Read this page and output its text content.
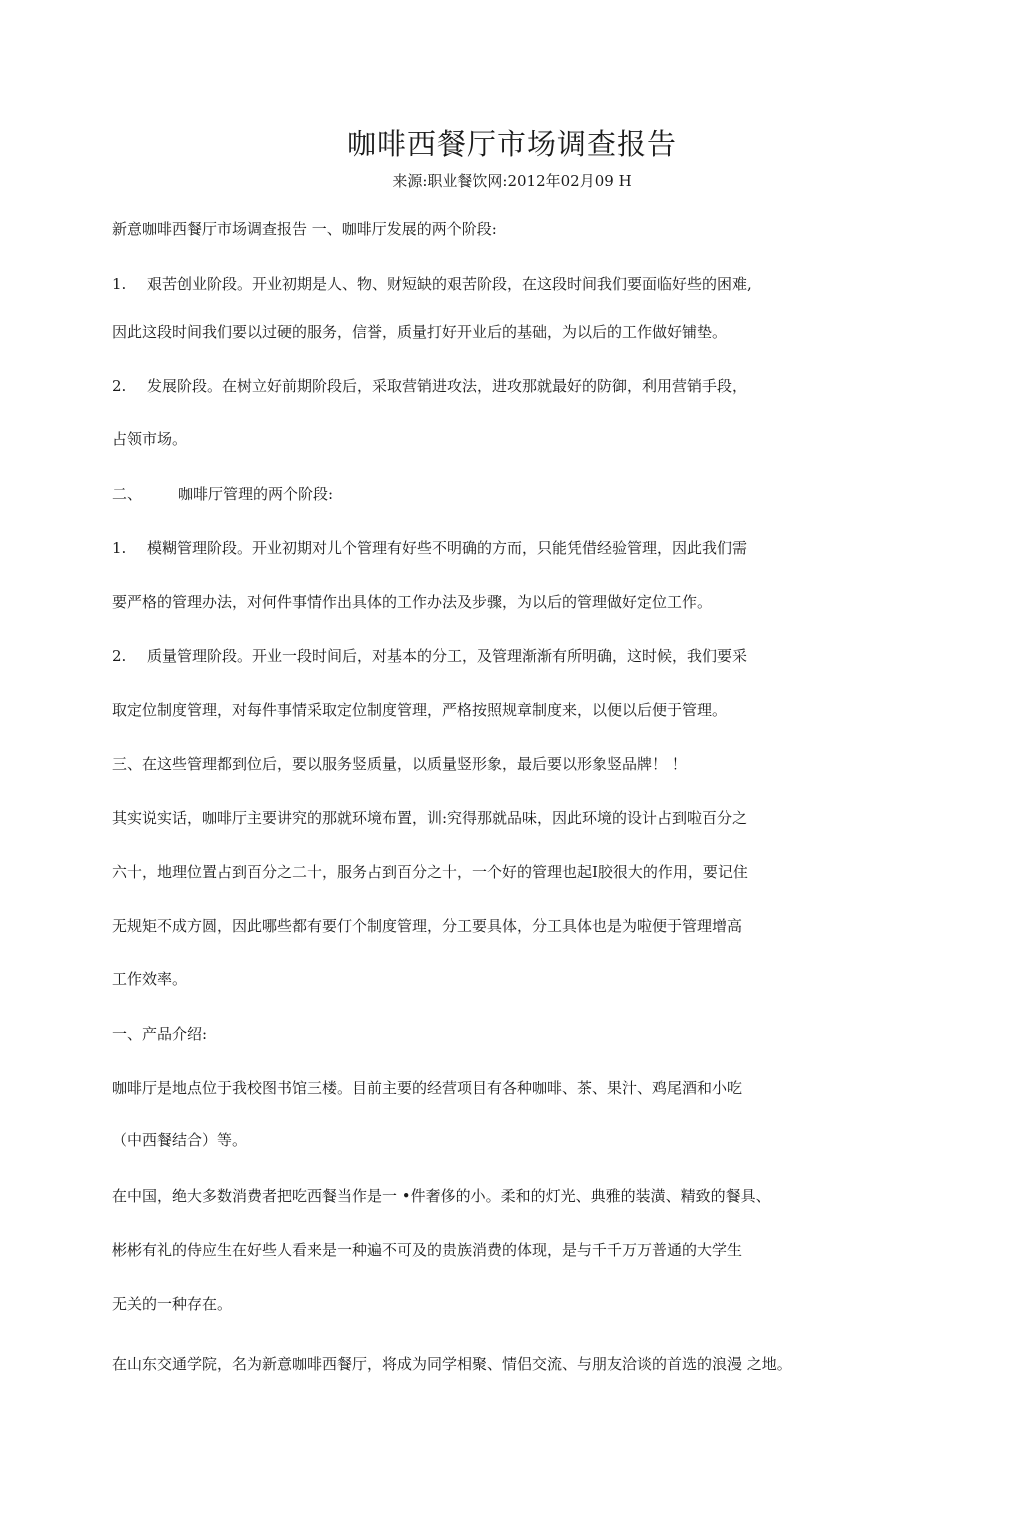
咖啡西餐厅市场调查报告
来源:职业餐饮网:2012年02月09 H
新意咖啡西餐厅市场调查报告 一、咖啡厅发展的两个阶段:
1. 艰苦创业阶段。开业初期是人、物、财短缺的艰苦阶段，在这段时间我们要面临好些的困难,
因此这段时间我们要以过硬的服务，信誉，质量打好开业后的基础，为以后的工作做好铺垫。
2. 发展阶段。在树立好前期阶段后，采取营销进攻法，进攻那就最好的防御，利用营销手段，
占领市场。
二、 咖啡厅管理的两个阶段:
1. 模糊管理阶段。开业初期对儿个管理有好些不明确的方而，只能凭借经验管理，因此我们需
要严格的管理办法，对何件事情作出具体的工作办法及步骤，为以后的管理做好定位工作。
2. 质量管理阶段。开业一段时间后，对基本的分工，及管理渐渐有所明确，这时候，我们要采
取定位制度管理，对每件事情采取定位制度管理，严格按照规章制度来，以便以后便于管理。
三、在这些管理都到位后，要以服务竖质量，以质量竖形象，最后要以形象竖品牌！ ！
其实说实话，咖啡厅主要讲究的那就环境布置，训:究得那就品味，因此环境的设计占到啦百分之
六十，地理位置占到百分之二十，服务占到百分之十，一个好的管理也起I胶很大的作用，要记住
无规矩不成方圆，因此哪些都有要仃个制度管理，分工要具体，分工具体也是为啦便于管理增高
工作效率。
一、产品介绍:
咖啡厅是地点位于我校图书馆三楼。目前主要的经营项目有各种咖啡、茶、果汁、鸡尾酒和小吃
（中西餐结合）等。
在中国，绝大多数消费者把吃西餐当作是一 •件奢侈的小。柔和的灯光、典雅的装潢、精致的餐具、
彬彬有礼的侍应生在好些人看来是一种遍不可及的贵族消费的体现，是与千千万万普通的大学生
无关的一种存在。
在山东交通学院，名为新意咖啡西餐厅，将成为同学相聚、情侣交流、与朋友洽谈的首选的浪漫 之地。
